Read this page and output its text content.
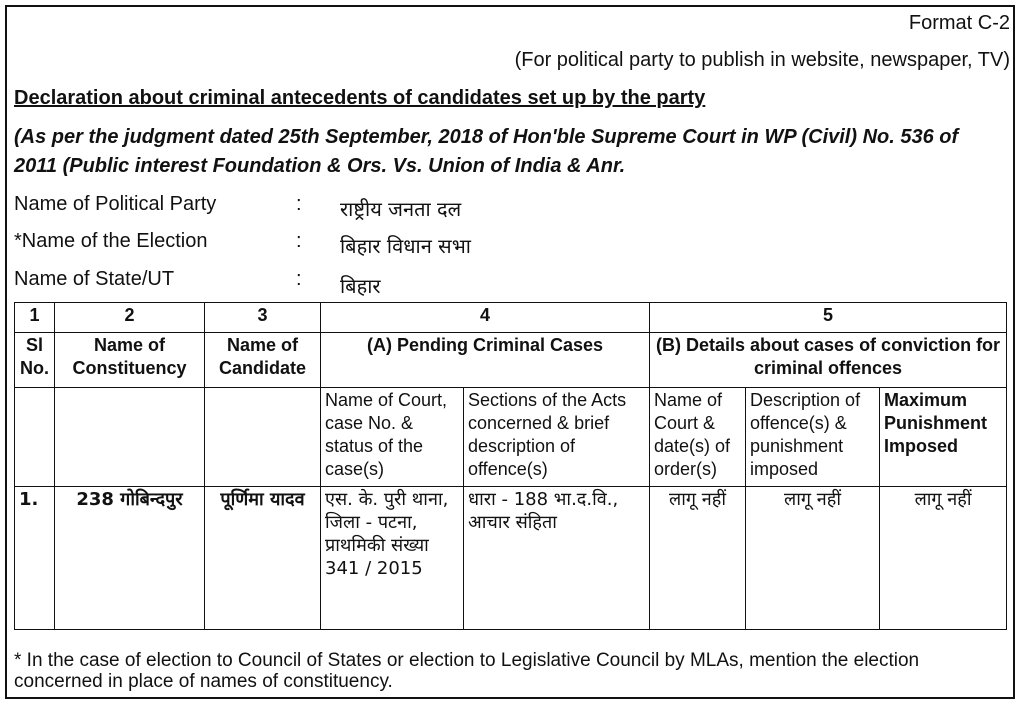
Format C-2
(For political party to publish in website, newspaper, TV)
Declaration about criminal antecedents of candidates set up by the party
(As per the judgment dated 25th September, 2018 of Hon'ble Supreme Court in WP (Civil) No. 536 of 2011 (Public interest Foundation & Ors. Vs. Union of India & Anr.
Name of Political Party	: राष्ट्रीय जनता दल
*Name of the Election	: बिहार विधान सभा
Name of State/UT	: बिहार
1	2	3	4		5		
Sl No.	Name of Constituency	Name of Candidate	(A) Pending Criminal Cases		(B) Details about cases of conviction for criminal offences		
			Name of Court, case No. & status of the case(s)	Sections of the Acts concerned & brief description of offence(s)	Name of Court & date(s) of order(s)	Description of offence(s) & punishment imposed	Maximum Punishment Imposed
1.	238 गोबिन्दपुर	पूर्णिमा यादव	एस. के. पुरी थाना, जिला - पटना, प्राथमिकी संख्या 341 / 2015	धारा - 188 भा.द.वि., आचार संहिता	लागू नहीं	लागू नहीं	लागू नहीं
* In the case of election to Council of States or election to Legislative Council by MLAs, mention the election concerned in place of names of constituency.
